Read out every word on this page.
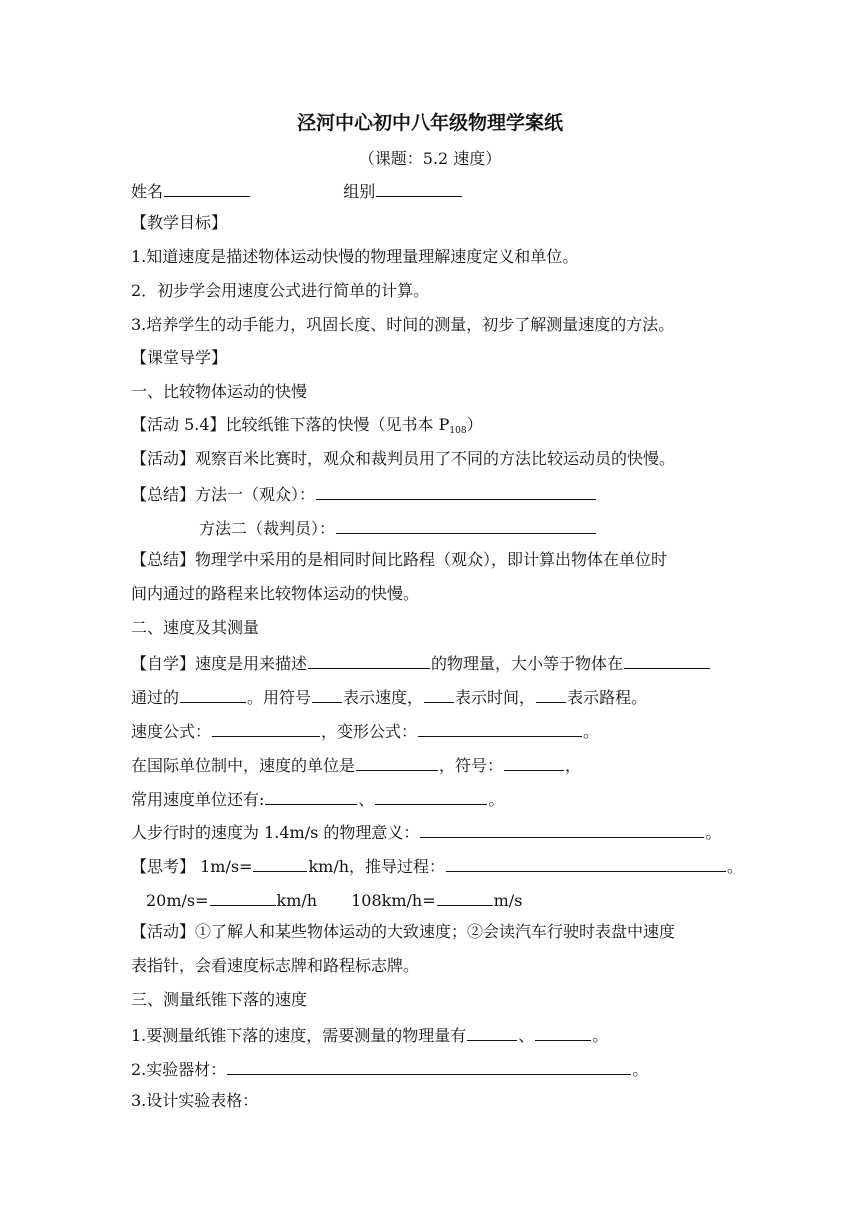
泾河中心初中八年级物理学案纸
（课题：5.2 速度）
姓名	组别
【教学目标】
1.知道速度是描述物体运动快慢的物理量理解速度定义和单位。
2．初步学会用速度公式进行简单的计算。
3.培养学生的动手能力，巩固长度、时间的测量，初步了解测量速度的方法。
【课堂导学】
一、比较物体运动的快慢
【活动 5.4】比较纸锥下落的快慢（见书本 $P_{108}$）
【活动】观察百米比赛时，观众和裁判员用了不同的方法比较运动员的快慢。
【总结】方法一（观众）：
方法二（裁判员）：
【总结】物理学中采用的是相同时间比路程（观众），即计算出物体在单位时
间内通过的路程来比较物体运动的快慢。
二、速度及其测量
【自学】速度是用来描述	的物理量，大小等于物体在
通过的	。用符号 表示速度， 表示时间， 表示路程。
速度公式：	，变形公式：	。
在国际单位制中，速度的单位是	，符号：	，
常用速度单位还有:	、	。
人步行时的速度为 1.4m/s 的物理意义：	。
【思考】 1m/s=	km/h，推导过程：	。
20m/s=	km/h 108km/h=	m/s
【活动】①了解人和某些物体运动的大致速度；②会读汽车行驶时表盘中速度
表指针，会看速度标志牌和路程标志牌。
三、测量纸锥下落的速度
1.要测量纸锥下落的速度，需要测量的物理量有	、	。
2.实验器材：	。
3.设计实验表格：
